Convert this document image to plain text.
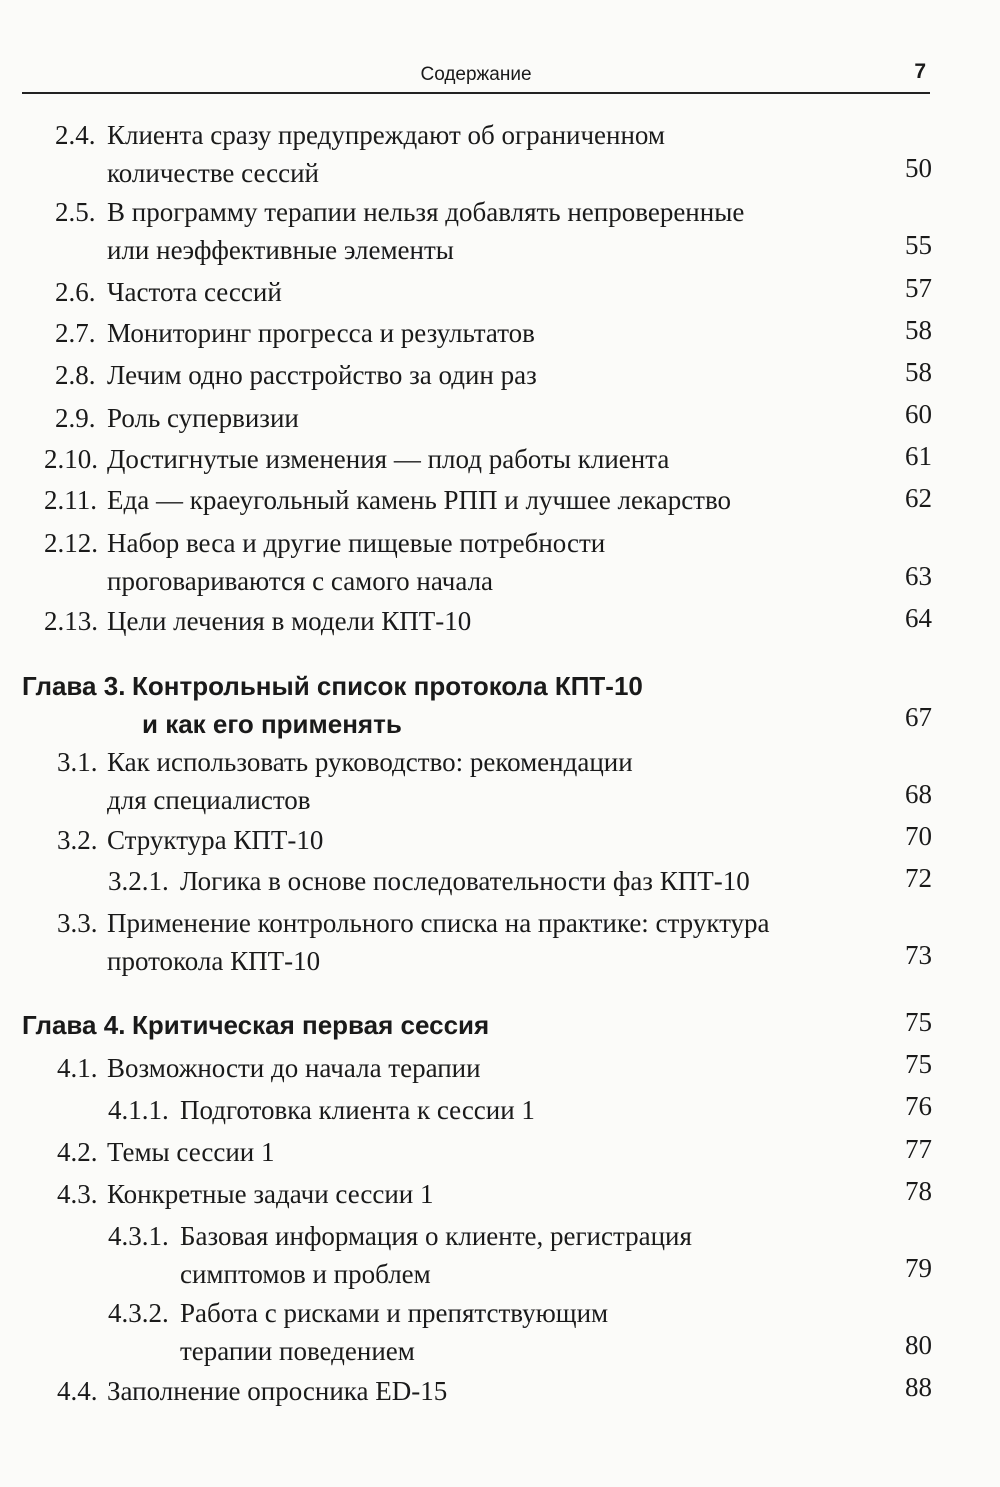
Содержание	7
2.4. Клиента сразу предупреждают об ограниченном
количестве сессий	50
2.5. В программу терапии нельзя добавлять непроверенные
или неэффективные элементы	55
2.6. Частота сессий	57
2.7. Мониторинг прогресса и результатов	58
2.8. Лечим одно расстройство за один раз	58
2.9. Роль супервизии	60
2.10. Достигнутые изменения — плод работы клиента	61
2.11. Еда — краеугольный камень РПП и лучшее лекарство	62
2.12. Набор веса и другие пищевые потребности
проговариваются с самого начала	63
2.13. Цели лечения в модели КПТ-10	64
Глава 3. Контрольный список протокола КПТ-10
и как его применять	67
3.1. Как использовать руководство: рекомендации
для специалистов	68
3.2. Структура КПТ-10	70
3.2.1. Логика в основе последовательности фаз КПТ-10	72
3.3. Применение контрольного списка на практике: структура
протокола КПТ-10	73
Глава 4. Критическая первая сессия	75
4.1. Возможности до начала терапии	75
4.1.1. Подготовка клиента к сессии 1	76
4.2. Темы сессии 1	77
4.3. Конкретные задачи сессии 1	78
4.3.1. Базовая информация о клиенте, регистрация
симптомов и проблем	79
4.3.2. Работа с рисками и препятствующим
терапии поведением	80
4.4. Заполнение опросника ED-15	88
